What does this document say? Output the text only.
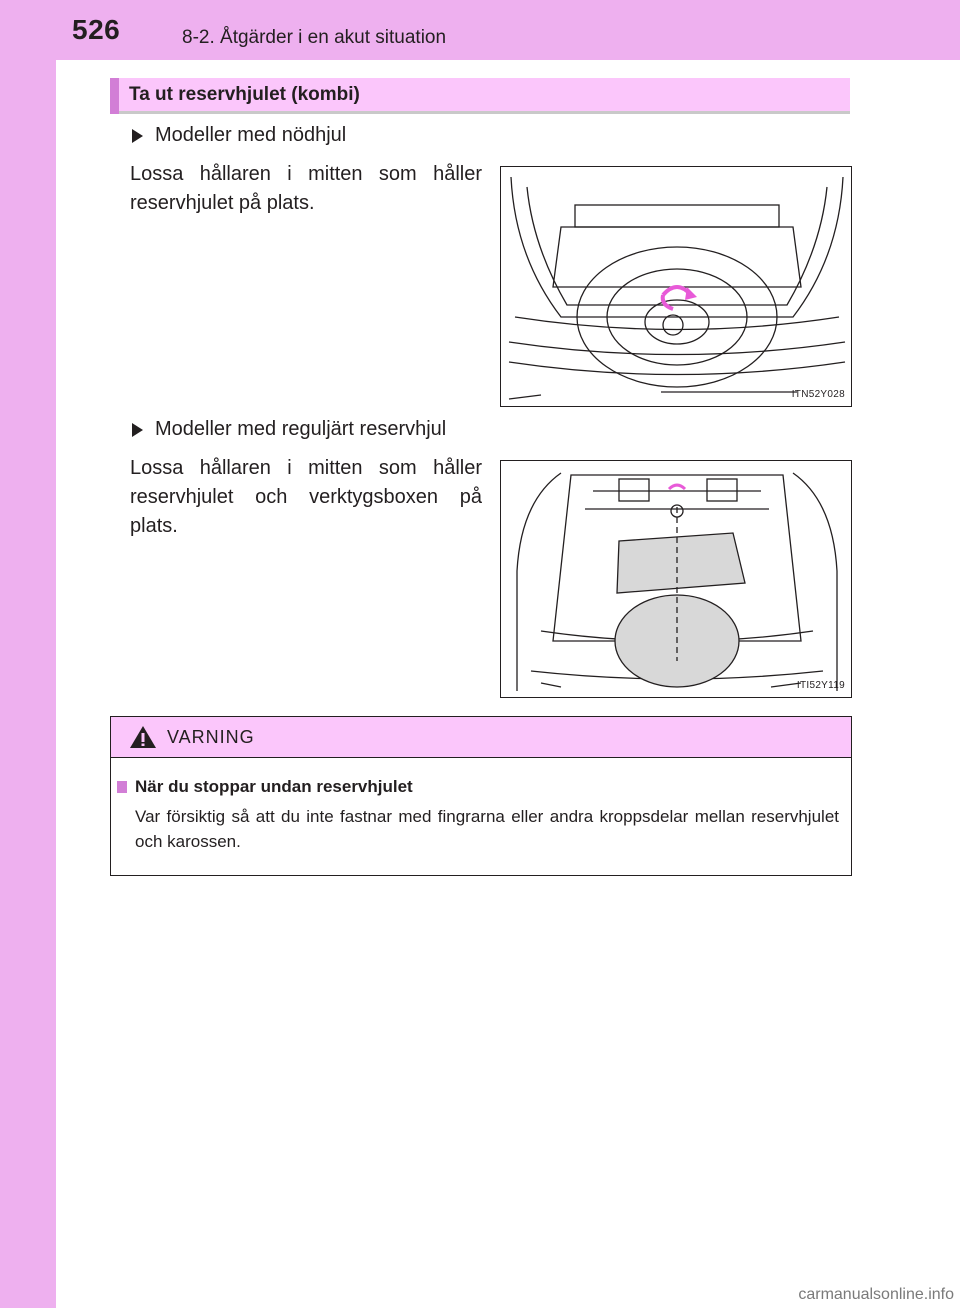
526	8-2. Åtgärder i en akut situation
Ta ut reservhjulet (kombi)
Modeller med nödhjul
Lossa hållaren i mitten som håller reservhjulet på plats.
ITN52Y028
Modeller med reguljärt reservhjul
Lossa hållaren i mitten som håller reservhjulet och verktygsboxen på plats.
ITI52Y119
VARNING
När du stoppar undan reservhjulet
Var försiktig så att du inte fastnar med fingrarna eller andra kroppsdelar mellan reservhjulet och karossen.
carmanualsonline.info
